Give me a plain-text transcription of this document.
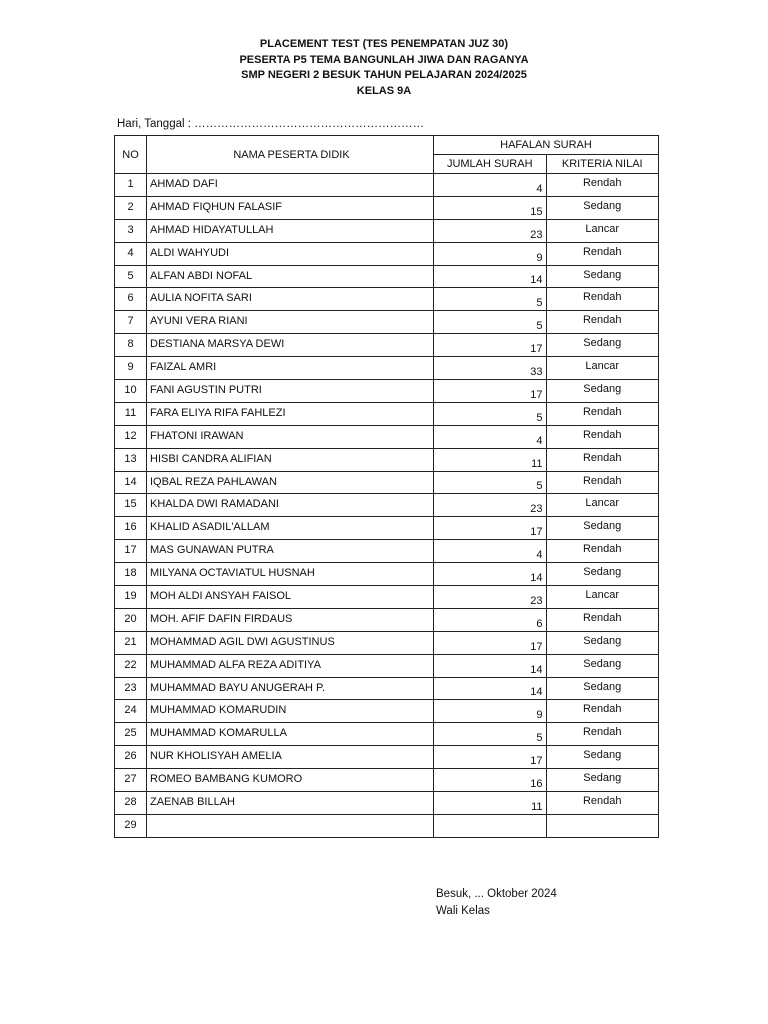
PLACEMENT TEST (TES PENEMPATAN JUZ 30)
PESERTA P5 TEMA BANGUNLAH JIWA DAN RAGANYA
SMP NEGERI 2 BESUK TAHUN PELAJARAN 2024/2025
KELAS 9A
Hari, Tanggal : ……………………………………………………
NO	NAMA PESERTA DIDIK	HAFALAN SURAH	
		JUMLAH SURAH	KRITERIA NILAI
1	AHMAD DAFI	4	Rendah
2	AHMAD FIQHUN FALASIF	15	Sedang
3	AHMAD HIDAYATULLAH	23	Lancar
4	ALDI WAHYUDI	9	Rendah
5	ALFAN ABDI NOFAL	14	Sedang
6	AULIA NOFITA SARI	5	Rendah
7	AYUNI VERA RIANI	5	Rendah
8	DESTIANA MARSYA DEWI	17	Sedang
9	FAIZAL AMRI	33	Lancar
10	FANI AGUSTIN PUTRI	17	Sedang
11	FARA ELIYA RIFA FAHLEZI	5	Rendah
12	FHATONI IRAWAN	4	Rendah
13	HISBI CANDRA ALIFIAN	11	Rendah
14	IQBAL REZA PAHLAWAN	5	Rendah
15	KHALDA DWI RAMADANI	23	Lancar
16	KHALID ASADIL'ALLAM	17	Sedang
17	MAS GUNAWAN PUTRA	4	Rendah
18	MILYANA OCTAVIATUL HUSNAH	14	Sedang
19	MOH ALDI ANSYAH FAISOL	23	Lancar
20	MOH. AFIF DAFIN FIRDAUS	6	Rendah
21	MOHAMMAD AGIL DWI AGUSTINUS	17	Sedang
22	MUHAMMAD ALFA REZA ADITIYA	14	Sedang
23	MUHAMMAD BAYU ANUGERAH P.	14	Sedang
24	MUHAMMAD KOMARUDIN	9	Rendah
25	MUHAMMAD KOMARULLA	5	Rendah
26	NUR KHOLISYAH AMELIA	17	Sedang
27	ROMEO BAMBANG KUMORO	16	Sedang
28	ZAENAB BILLAH	11	Rendah
29			
Besuk, ... Oktober 2024
Wali Kelas
